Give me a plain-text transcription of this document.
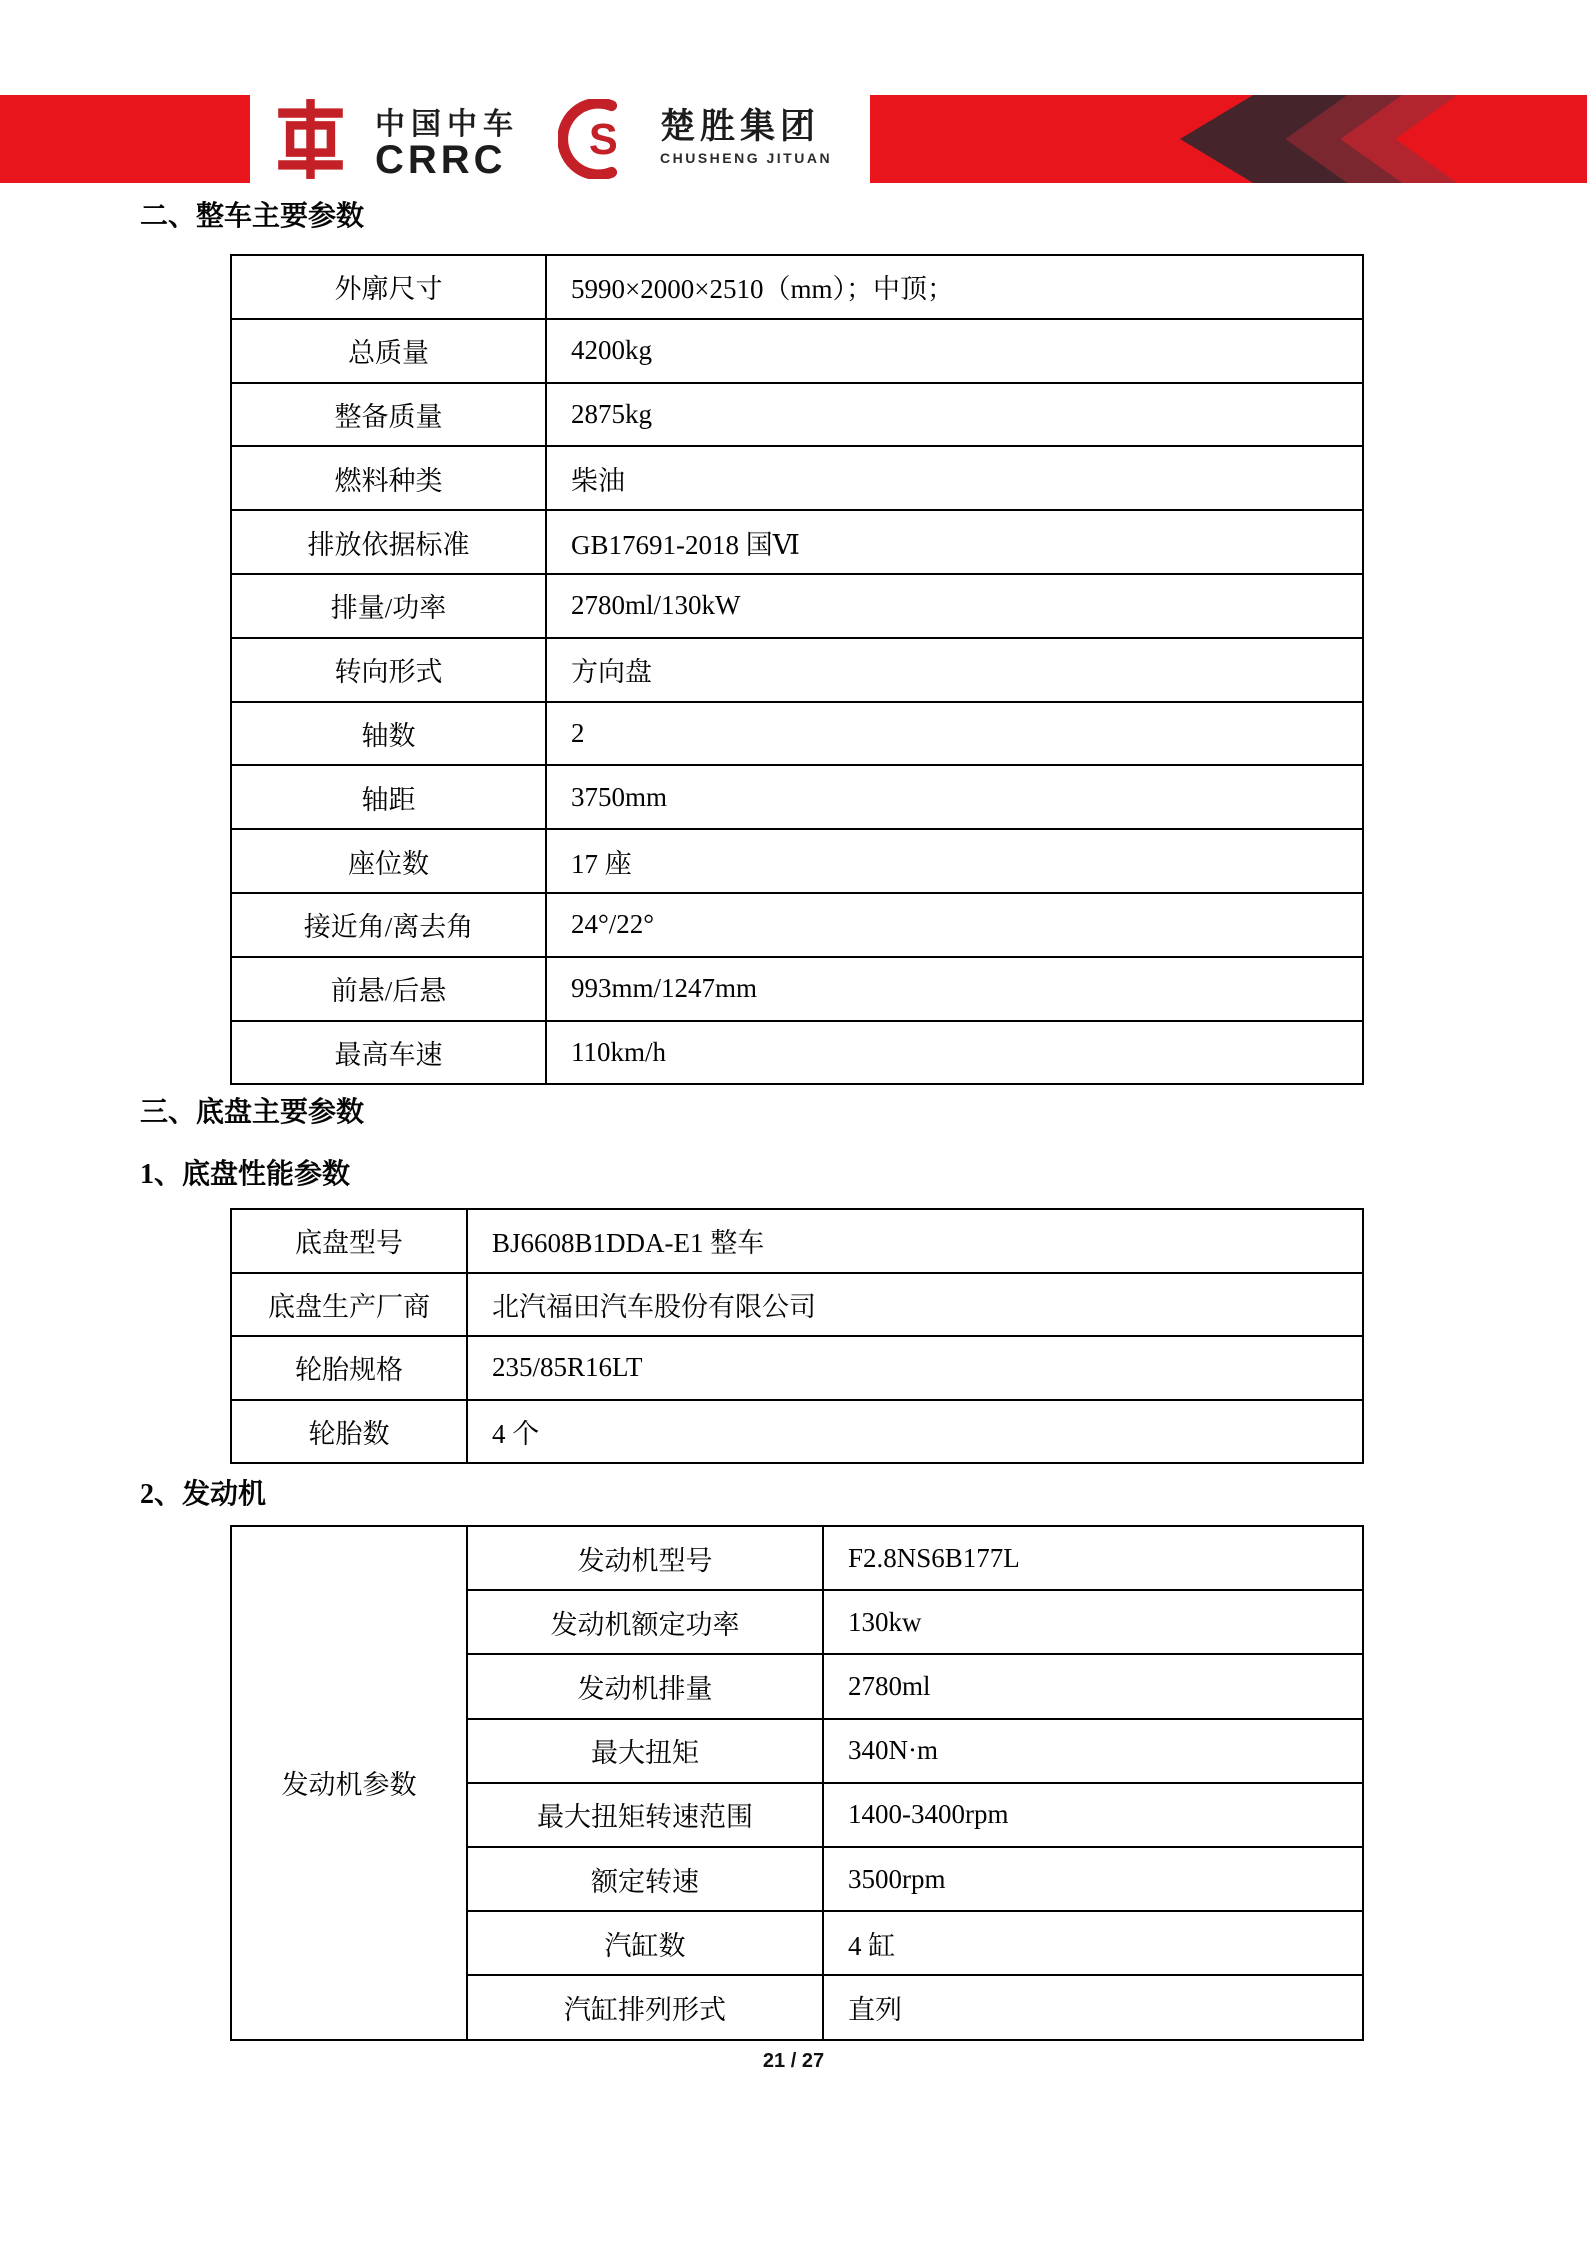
中国中车
CRRC S 楚胜集团
CHUSHENG JITUAN
二、整车主要参数
三、底盘主要参数
1、底盘性能参数
2、发动机
外廓尺寸	5990×2000×2510（mm）；中顶；
总质量	4200kg
整备质量	2875kg
燃料种类	柴油
排放依据标准	GB17691-2018 国Ⅵ
排量/功率	2780ml/130kW
转向形式	方向盘
轴数	2
轴距	3750mm
座位数	17 座
接近角/离去角	24°/22°
前悬/后悬	993mm/1247mm
最高车速	110km/h
底盘型号	BJ6608B1DDA-E1 整车
底盘生产厂商	北汽福田汽车股份有限公司
轮胎规格	235/85R16LT
轮胎数	4 个
发动机参数	发动机型号	F2.8NS6B177L
	发动机额定功率	130kw
	发动机排量	2780ml
	最大扭矩	340N·m
	最大扭矩转速范围	1400-3400rpm
	额定转速	3500rpm
	汽缸数	4 缸
	汽缸排列形式	直列
21 / 27
